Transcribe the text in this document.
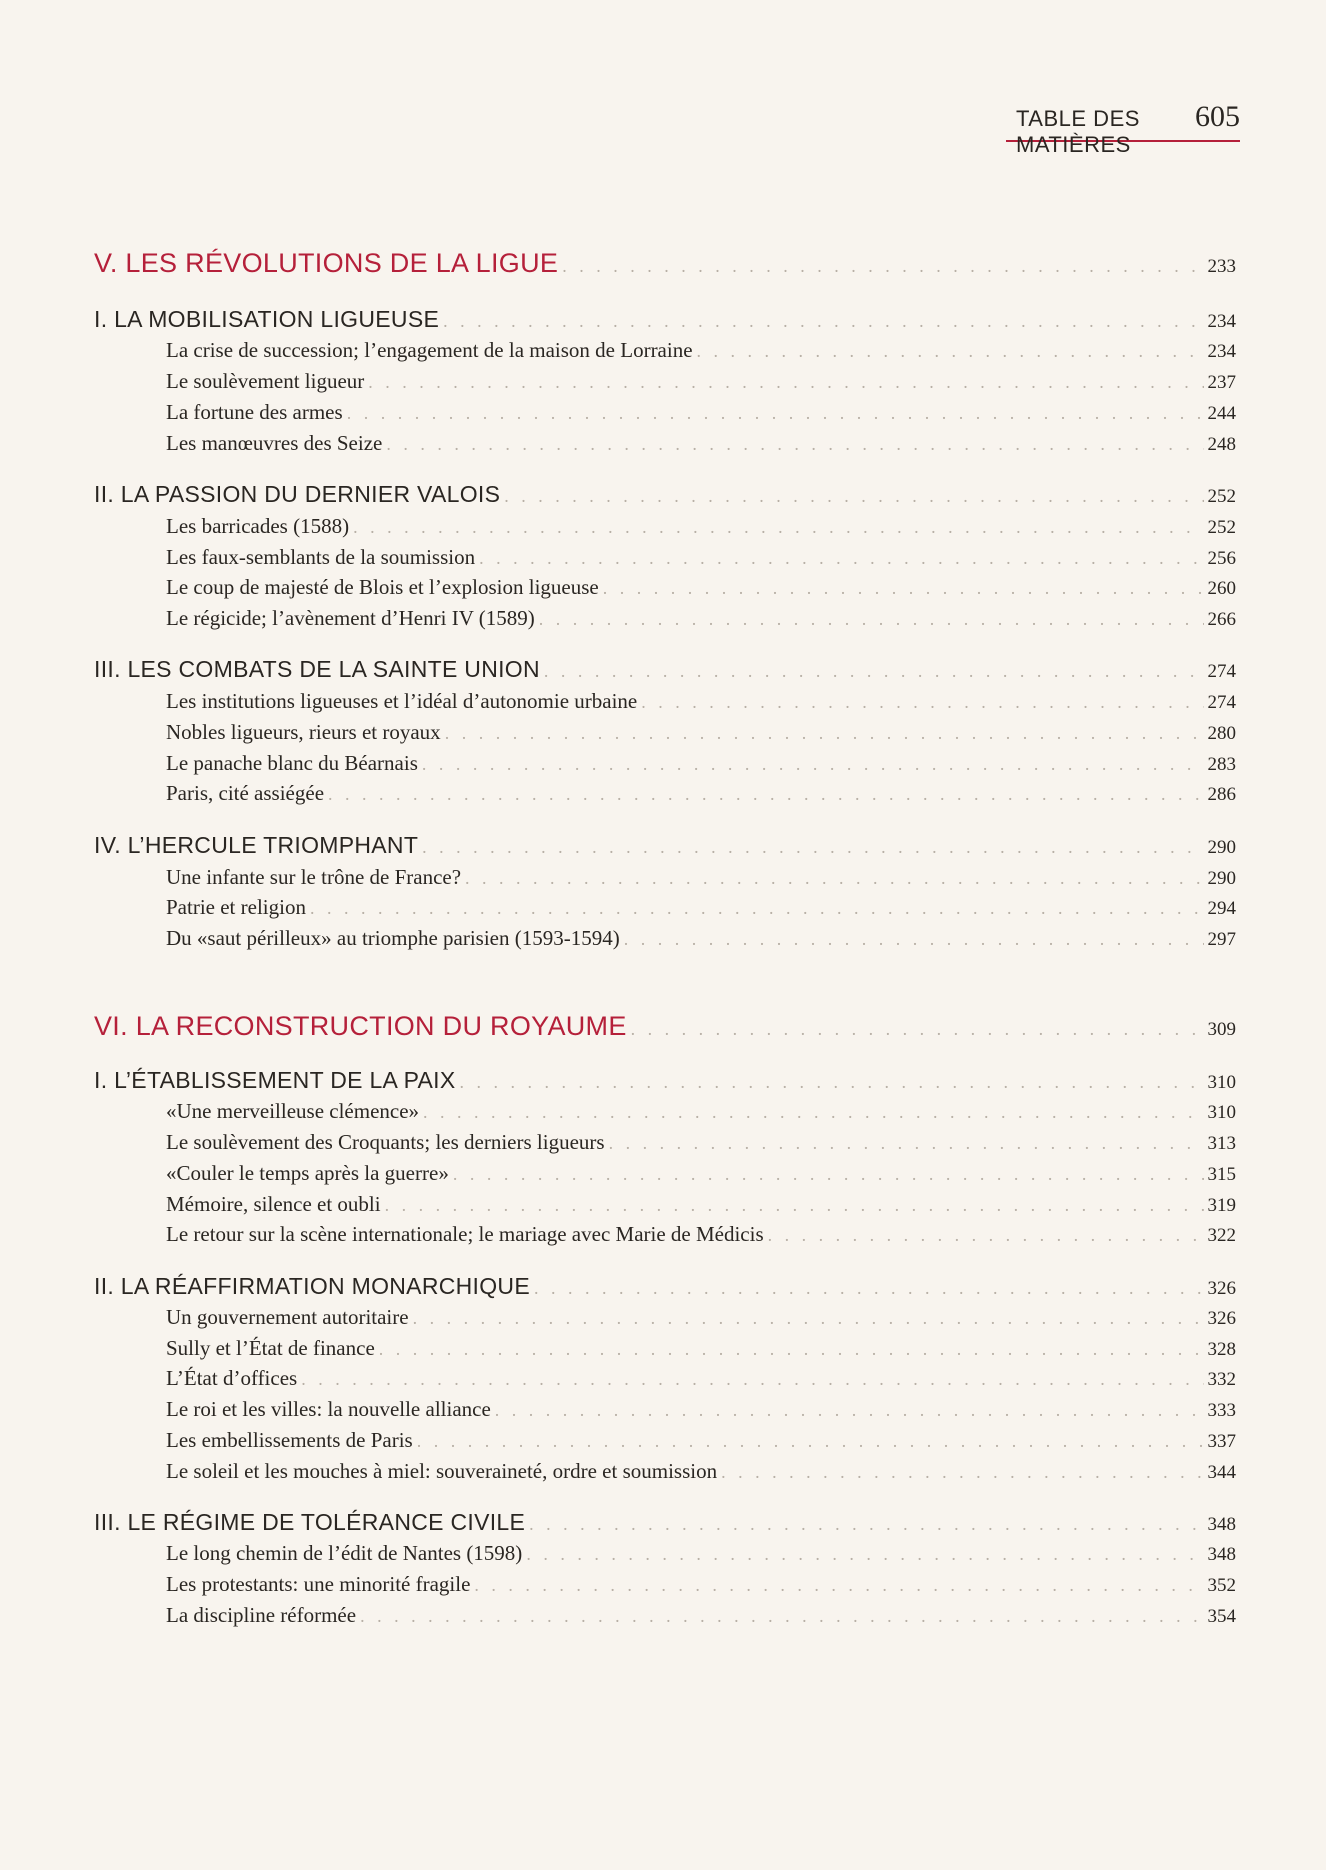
TABLE DES MATIÈRES
605
V. LES RÉVOLUTIONS DE LA LIGUE . . .	233
I. LA MOBILISATION LIGUEUSE . . .	234
La crise de succession; l’engagement de la maison de Lorraine . . .	234
Le soulèvement ligueur . . .	237
La fortune des armes . . .	244
Les manœuvres des Seize . . .	248
II. LA PASSION DU DERNIER VALOIS . . .	252
Les barricades (1588) . . .	252
Les faux-semblants de la soumission . . .	256
Le coup de majesté de Blois et l’explosion ligueuse . . .	260
Le régicide; l’avènement d’Henri IV (1589) . . .	266
III. LES COMBATS DE LA SAINTE UNION . . .	274
Les institutions ligueuses et l’idéal d’autonomie urbaine . . .	274
Nobles ligueurs, rieurs et royaux . . .	280
Le panache blanc du Béarnais . . .	283
Paris, cité assiégée . . .	286
IV. L’HERCULE TRIOMPHANT . . .	290
Une infante sur le trône de France? . . .	290
Patrie et religion . . .	294
Du «saut périlleux» au triomphe parisien (1593-1594) . . .	297
VI. LA RECONSTRUCTION DU ROYAUME . . .	309
I. L’ÉTABLISSEMENT DE LA PAIX . . .	310
«Une merveilleuse clémence» . . .	310
Le soulèvement des Croquants; les derniers ligueurs . . .	313
«Couler le temps après la guerre» . . .	315
Mémoire, silence et oubli . . .	319
Le retour sur la scène internationale; le mariage avec Marie de Médicis . . .	322
II. LA RÉAFFIRMATION MONARCHIQUE . . .	326
Un gouvernement autoritaire . . .	326
Sully et l’État de finance . . .	328
L’État d’offices . . .	332
Le roi et les villes: la nouvelle alliance . . .	333
Les embellissements de Paris . . .	337
Le soleil et les mouches à miel: souveraineté, ordre et soumission . . .	344
III. LE RÉGIME DE TOLÉRANCE CIVILE . . .	348
Le long chemin de l’édit de Nantes (1598) . . .	348
Les protestants: une minorité fragile . . .	352
La discipline réformée . . .	354
